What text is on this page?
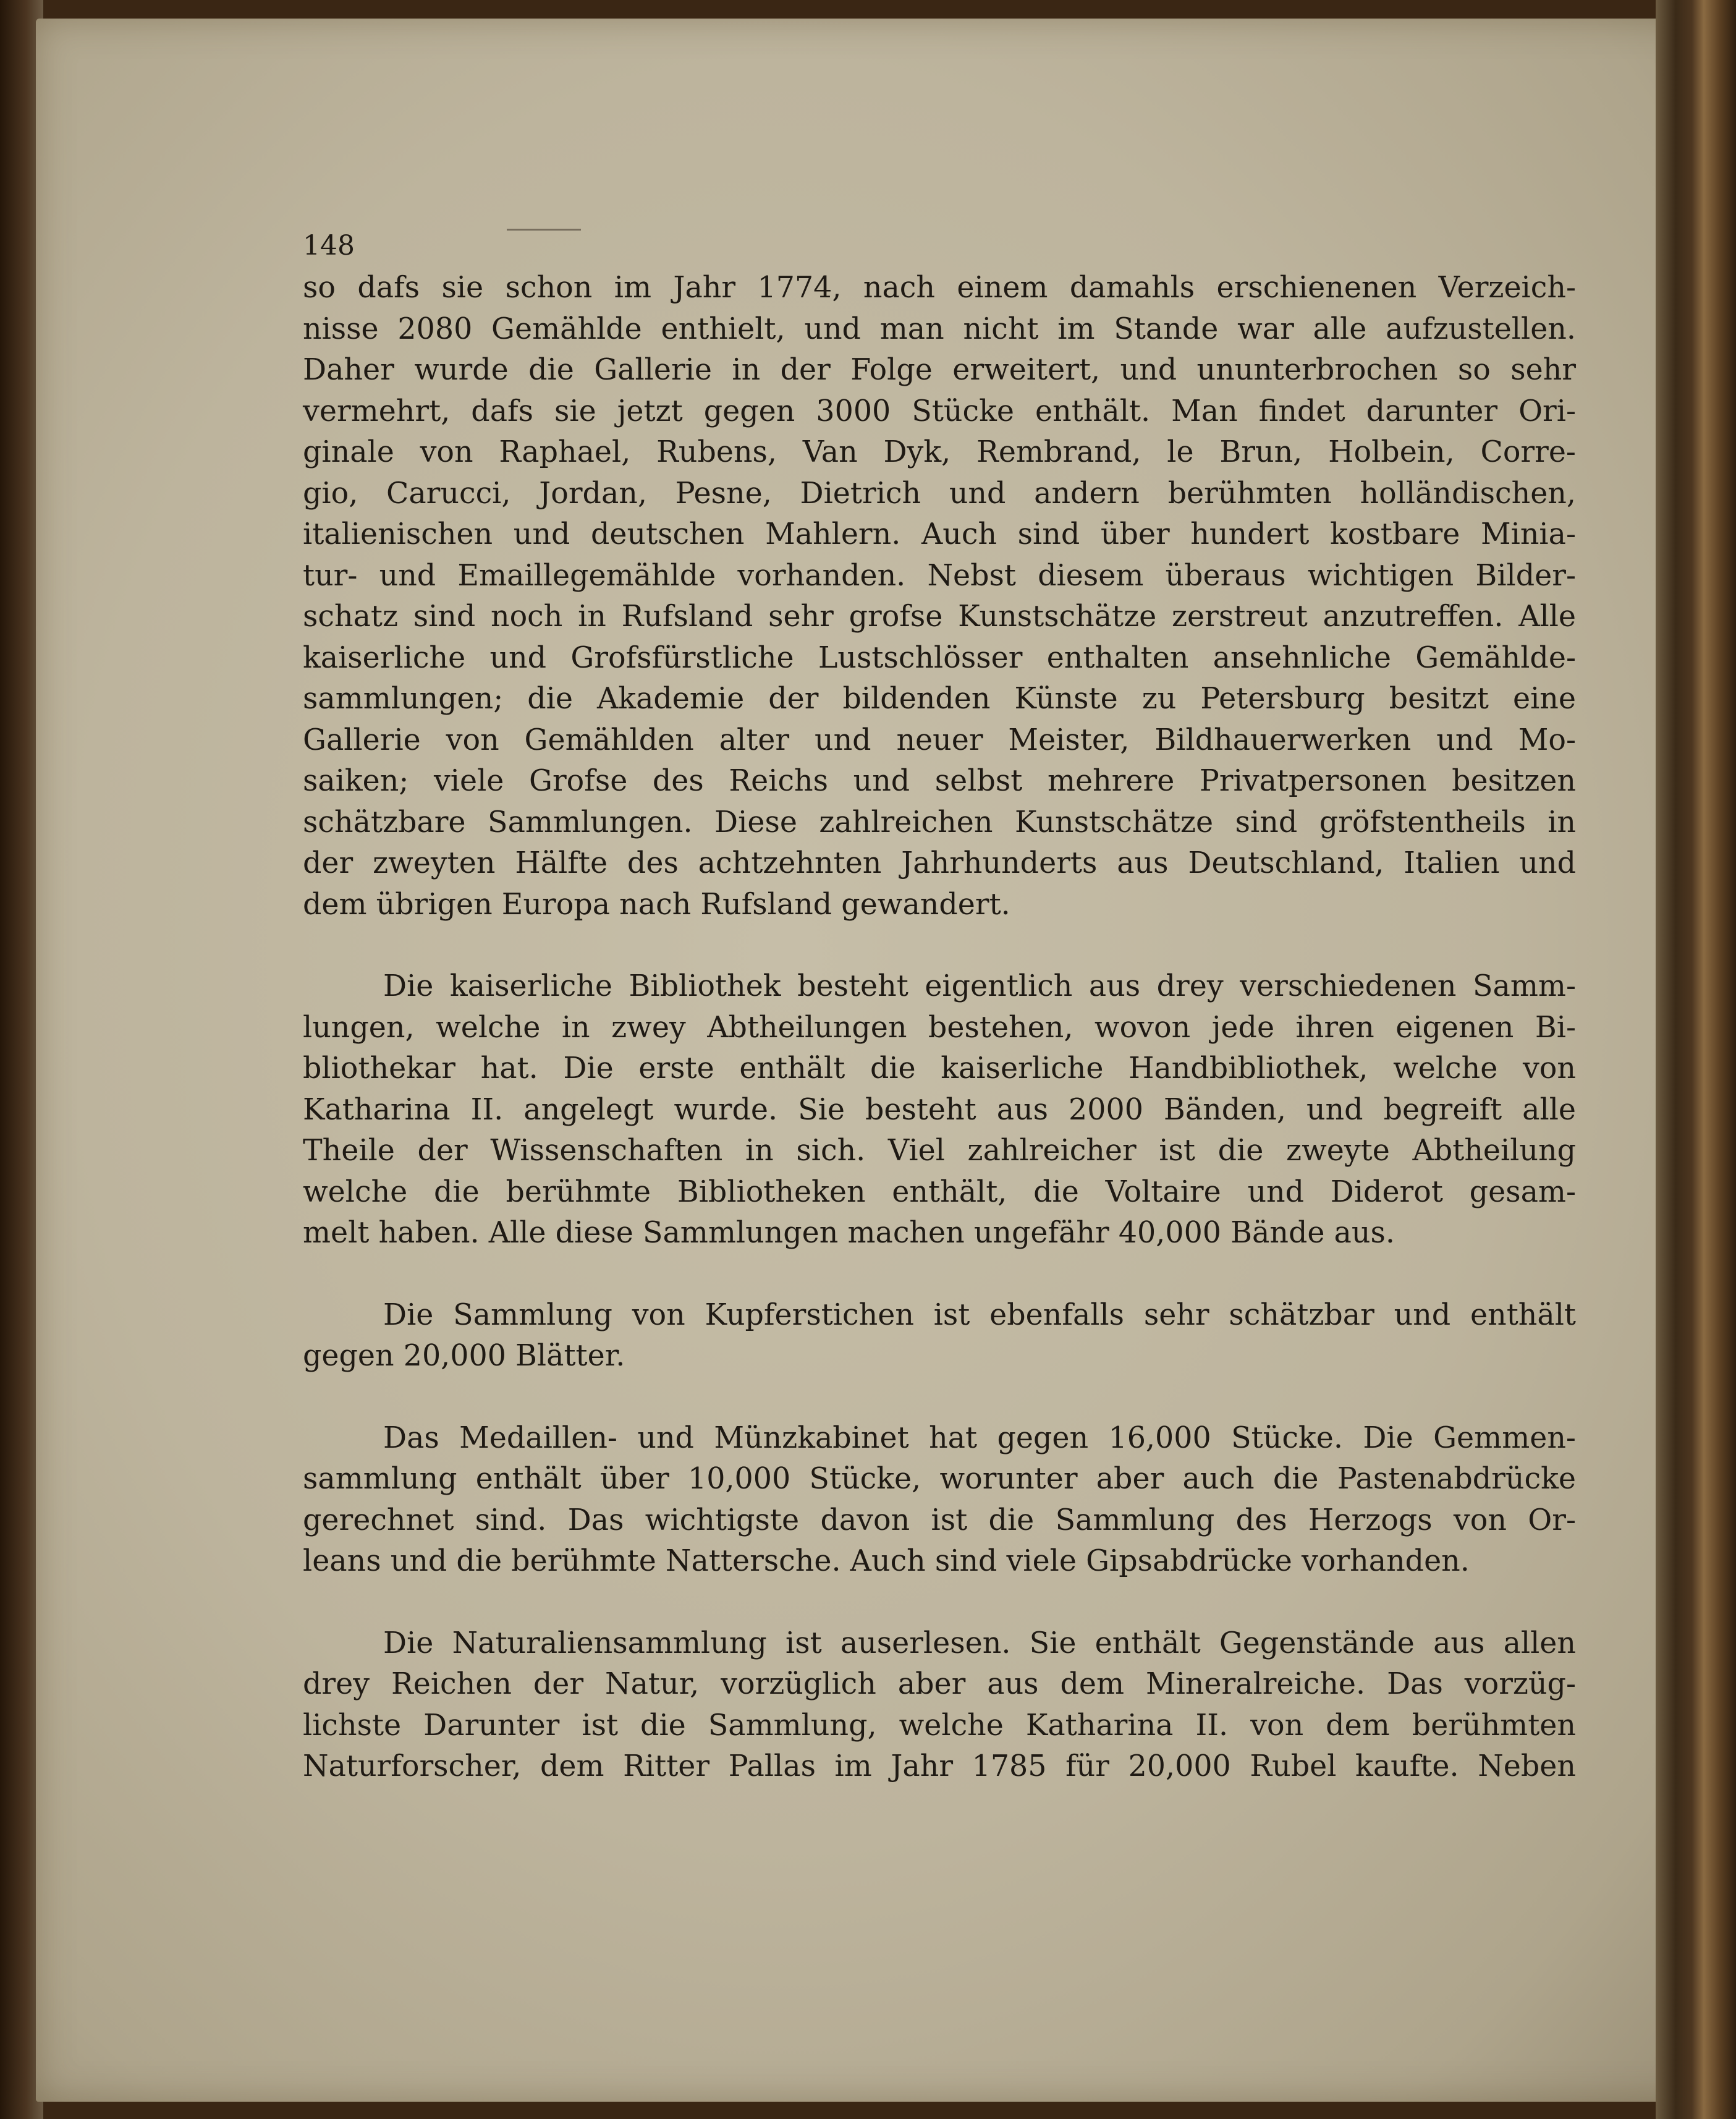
148
so dafs sie schon im Jahr 1774, nach einem damahls erschienenen Verzeich-
nisse 2080 Gemählde enthielt, und man nicht im Stande war alle aufzustellen.
Daher wurde die Gallerie in der Folge erweitert, und ununterbrochen so sehr
vermehrt, dafs sie jetzt gegen 3000 Stücke enthält. Man findet darunter Ori-
ginale von Raphael, Rubens, Van Dyk, Rembrand, le Brun, Holbein, Corre-
gio, Carucci, Jordan, Pesne, Dietrich und andern berühmten holländischen,
italienischen und deutschen Mahlern. Auch sind über hundert kostbare Minia-
tur- und Emaillegemählde vorhanden. Nebst diesem überaus wichtigen Bilder-
schatz sind noch in Rufsland sehr grofse Kunstschätze zerstreut anzutreffen. Alle
kaiserliche und Grofsfürstliche Lustschlösser enthalten ansehnliche Gemählde-
sammlungen; die Akademie der bildenden Künste zu Petersburg besitzt eine
Gallerie von Gemählden alter und neuer Meister, Bildhauerwerken und Mo-
saiken; viele Grofse des Reichs und selbst mehrere Privatpersonen besitzen
schätzbare Sammlungen. Diese zahlreichen Kunstschätze sind gröfstentheils in
der zweyten Hälfte des achtzehnten Jahrhunderts aus Deutschland, Italien und
dem übrigen Europa nach Rufsland gewandert.
Die kaiserliche Bibliothek besteht eigentlich aus drey verschiedenen Samm-
lungen, welche in zwey Abtheilungen bestehen, wovon jede ihren eigenen Bi-
bliothekar hat. Die erste enthält die kaiserliche Handbibliothek, welche von
Katharina II. angelegt wurde. Sie besteht aus 2000 Bänden, und begreift alle
Theile der Wissenschaften in sich. Viel zahlreicher ist die zweyte Abtheilung
welche die berühmte Bibliotheken enthält, die Voltaire und Diderot gesam-
melt haben. Alle diese Sammlungen machen ungefähr 40,000 Bände aus.
Die Sammlung von Kupferstichen ist ebenfalls sehr schätzbar und enthält
gegen 20,000 Blätter.
Das Medaillen- und Münzkabinet hat gegen 16,000 Stücke. Die Gemmen-
sammlung enthält über 10,000 Stücke, worunter aber auch die Pastenabdrücke
gerechnet sind. Das wichtigste davon ist die Sammlung des Herzogs von Or-
leans und die berühmte Nattersche. Auch sind viele Gipsabdrücke vorhanden.
Die Naturaliensammlung ist auserlesen. Sie enthält Gegenstände aus allen
drey Reichen der Natur, vorzüglich aber aus dem Mineralreiche. Das vorzüg-
lichste Darunter ist die Sammlung, welche Katharina II. von dem berühmten
Naturforscher, dem Ritter Pallas im Jahr 1785 für 20,000 Rubel kaufte. Neben
